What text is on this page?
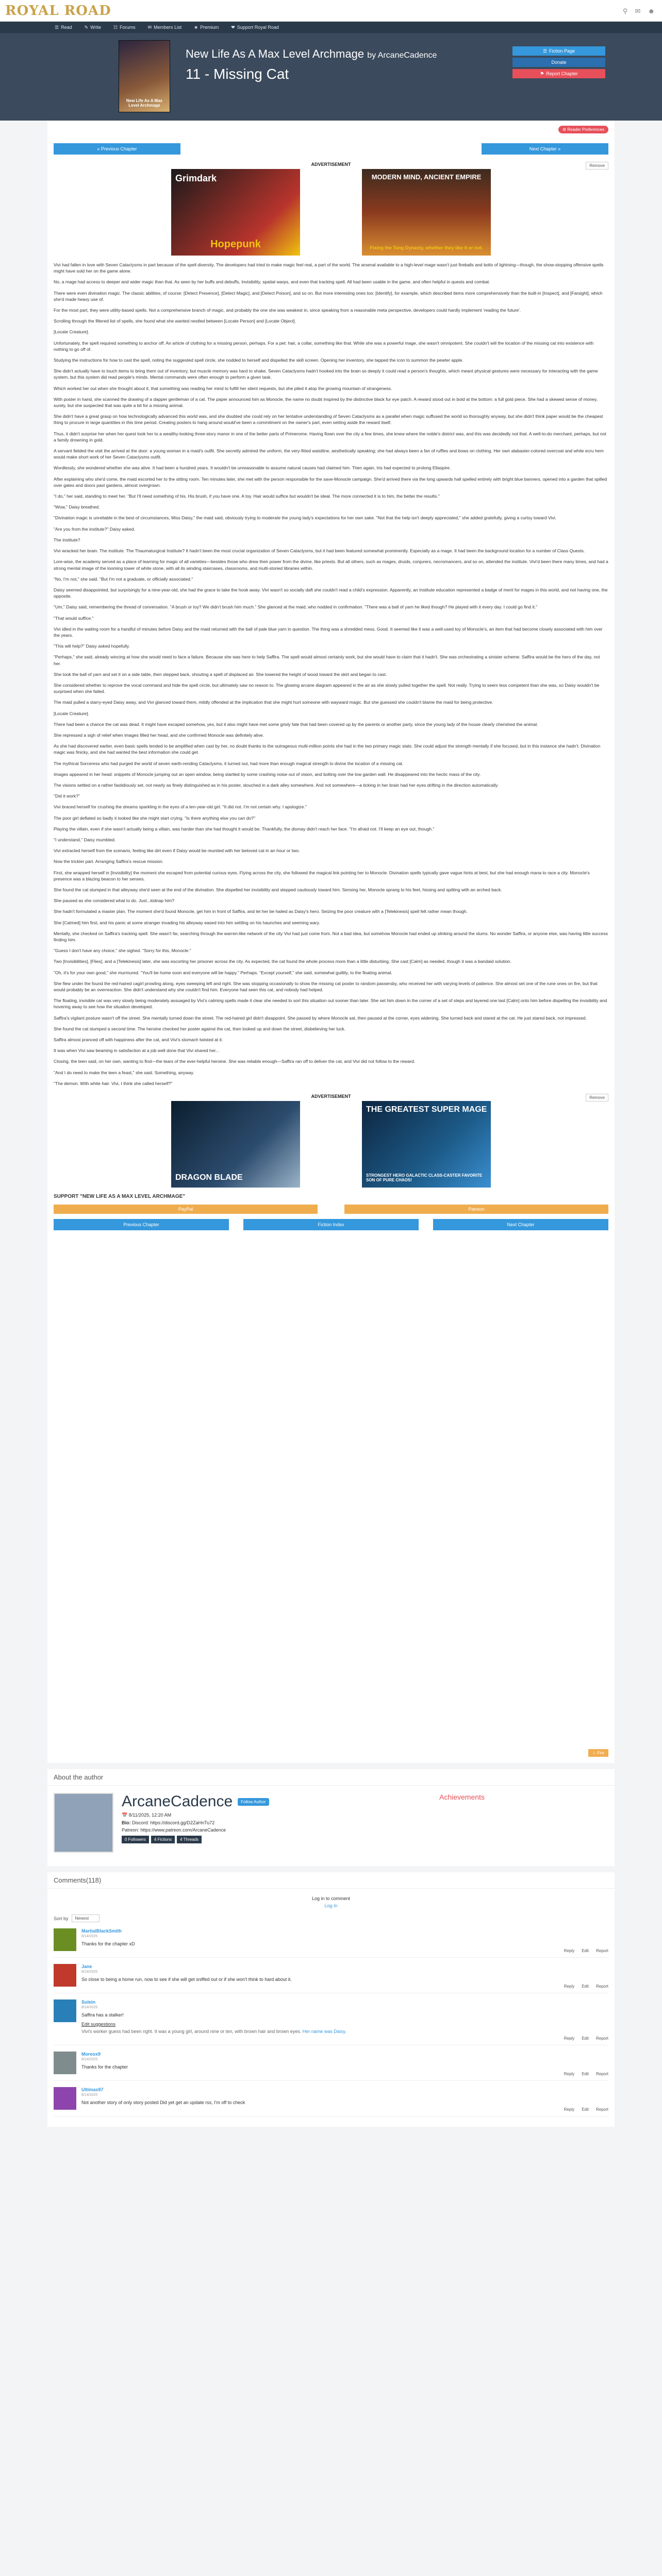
ROYAL ROAD	⚲ ✉ ☻
☰ Read	✎ Write	☷ Forums	✉ Members List	★ Premium	❤ Support Royal Road
New Life As A Max Level Archmage
New Life As A Max Level Archmage by ArcaneCadence
11 - Missing Cat
☰ Fiction Page
Donate
⚑ Report Chapter
⚙ Reader Preferences
« Previous Chapter	Next Chapter »
ADVERTISEMENT	Remove
Grimdark
Hopepunk
MODERN MIND, ANCIENT EMPIRE
Fixing the Tang Dynasty, whether they like it or not.

Vivi had fallen in love with Seven Cataclysms in part because of the spell diversity. The developers had tried to make magic feel real, a part of the world. The arsenal available to a high-level mage wasn't just fireballs and bolts of lightning—though, the show-stopping offensive spells might have sold her on the game alone.

No, a mage had access to deeper and wider magic than that. As seen by her buffs and debuffs, Invisibility, spatial warps, and even that tracking spell. All had been usable in the game, and often helpful in quests and combat.

There were even divination magic. The classic abilities, of course: [Detect Presence], [Detect Magic], and [Detect Poison], and so on. But more interesting ones too: [Identify], for example, which described items more comprehensively than the built-in [Inspect], and [Farsight], which she'd made heavy use of.

For the most part, they were utility-based spells. Not a comprehensive branch of magic, and probably the one she was weakest in, since speaking from a reasonable meta perspective, developers could hardly implement 'reading the future'.

Scrolling through the filtered list of spells, she found what she wanted nestled between [Locate Person] and [Locate Object].

[Locate Creature].

Unfortunately, the spell required something to anchor off. An article of clothing for a missing person, perhaps. For a pet: hair, a collar, something like that. While she was a powerful mage, she wasn't omnipotent. She couldn't will the location of the missing cat into existence with nothing to go off of.

Studying the instructions for how to cast the spell, noting the suggested spell circle, she nodded to herself and dispelled the skill screen. Opening her inventory, she tapped the icon to summon the pewter apple.

She didn't actually have to touch items to bring them out of inventory, but muscle memory was hard to shake. Seven Cataclysms hadn't hooked into the brain so deeply it could read a person's thoughts, which meant physical gestures were necessary for interacting with the game system, but this system did read people's minds. Mental commands were often enough to perform a given task.

Which worked her out when she thought about it, that something was reading her mind to fulfill her silent requests, but she piled it atop the growing mountain of strangeness.

With poster in hand, she scanned the drawing of a dapper gentleman of a cat. The paper announced him as Monocle, the name no doubt inspired by the distinctive black fur eye patch. A reward stood out in bold at the bottom: a full gold piece. She had a skewed sense of money, surely, but she suspected that was quite a bit for a missing animal.

She didn't have a great grasp on how technologically advanced this world was, and she doubted she could rely on her tentative understanding of Seven Cataclysms as a parallel when magic suffused the world so thoroughly anyway, but she didn't think paper would be the cheapest thing to procure in large quantities in this time period. Creating posters to hang around would've been a commitment on the owner's part, even setting aside the reward itself.

Thus, it didn't surprise her when her quest took her to a wealthy-looking three-story manor in one of the better parts of Primerome. Having flown over the city a few times, she knew where the noble's district was, and this was decidedly not that. A well-to-do merchant, perhaps, but not a family drowning in gold.

A servant fielded the visit the arrived at the door: a young woman in a maid's outfit. She secretly admired the uniform, the very-fitted waistline, aesthetically speaking; she had always been a fan of ruffles and bows on clothing. Her own alabaster-colored overcoat and white ecru hem would make short work of her Seven Cataclysms outfit.

Wordlessly, she wondered whether she was alive. It had been a hundred years. It wouldn't be unreasonable to assume natural causes had claimed him. Then again, Iris had expected to prolong Ellaspire.

After explaining who she'd come, the maid escorted her to the sitting room. Ten minutes later, she met with the person responsible for the save-Monocle campaign. She'd arrived there via the long upwards hall spelled entirely with bright blue banners, opened into a garden that spilled over gates and doors past gardens, almost overgrown.

"I do," her said, standing to meet her. "But I'll need something of his. His brush, if you have one. A toy. Hair would suffice but wouldn't be ideal. The more connected it is to him, the better the results."

"Wow," Daisy breathed.

"Divination magic is unreliable in the best of circumstances, Miss Daisy," the maid said, obviously trying to moderate the young lady's expectations for her own sake. "Not that the help isn't deeply appreciated," she added gratefully, giving a curtsy toward Vivi.

"Are you from the institute?" Daisy asked.

The institute?

Vivi wracked her brain. The institute. The Thaumaturgical Institute? It hadn't been the most crucial organization of Seven Cataclysms, but it had been featured somewhat prominently. Especially as a mage. It had been the background location for a number of Class Quests.

Lore-wise, the academy served as a place of learning for magic of all varieties—besides those who drew their power from the divine, like priests. But all others, such as mages, druids, conjurers, necromancers, and so on, attended the institute. Vivi'd been there many times, and had a strong mental image of the looming tower of white stone, with all its winding staircases, classrooms, and multi-storied libraries within.

"No, I'm not," she said. "But I'm not a graduate, or officially associated."

Daisy seemed disappointed, but surprisingly for a nine-year-old, she had the grace to take the hook away. Vivi wasn't so socially daft she couldn't read a child's expression. Apparently, an Institute education represented a badge of merit for mages in this world, and not having one, the opposite.

"Um," Daisy said, remembering the thread of conversation. "A brush or toy? We didn't brush him much." She glanced at the maid, who nodded in confirmation. "There was a ball of yarn he liked though? He played with it every day. I could go find it."

"That would suffice."

Vivi idled in the waiting room for a handful of minutes before Daisy and the maid returned with the ball of pale blue yarn in question. The thing was a shredded mess. Good. It seemed like it was a well-used toy of Monocle's, an item that had become closely associated with him over the years.

"This will help?" Daisy asked hopefully.

"Perhaps," she said, already wincing at how she would need to face a failure. Because she was here to help Saffira. The spell would almost certainly work, but she would have to claim that it hadn't. She was orchestrating a sinister scheme. Saffira would be the hero of the day, not her.

She took the ball of yarn and set it on a side table, then stepped back, shouting a spell of displaced air. She lowered the height of wood toward the skirt and began to cast.

She considered whether to reprove the vocal command and hide the spell circle, but ultimately saw no reason to. The glowing arcane diagram appeared in the air as she slowly pulled together the spell. Not really. Trying to seem less competent than she was, so Daisy wouldn't be surprised when she failed.

The maid pulled a starry-eyed Daisy away, and Vivi glanced toward them, mildly offended at the implication that she might hurt someone with wayward magic. But she guessed she couldn't blame the maid for being protective.

[Locate Creature].

There had been a chance the cat was dead. It might have escaped somehow, yes, but it also might have met some grisly fate that had been covered up by the parents or another party, since the young lady of the house clearly cherished the animal.

She repressed a sigh of relief when images filled her head, and she confirmed Monocle was definitely alive.

As she had discovered earlier, even basic spells tended to be amplified when cast by her, no doubt thanks to the outrageous multi-million points she had in the two primary magic stats. She could adjust the strength mentally if she focused, but in this instance she hadn't. Divination magic was finicky, and she had wanted the best information she could get.

The mythical Sorceress who had purged the world of seven earth-rending Cataclysms, it turned out, had more than enough magical strength to divine the location of a missing cat.

Images appeared in her head: snippets of Monocle jumping out an open window, being startled by some crashing noise out of vision, and bolting over the low garden wall. He disappeared into the hectic mass of the city.

The visions settled on a rather fastidiously set, not nearly as finely distinguished as in his poster, slouched in a dark alley somewhere. And not somewhere—a ticking in her brain had her eyes drifting in the direction automatically.

"Did it work?"

Vivi braced herself for crushing the dreams sparkling in the eyes of a ten-year-old girl. "It did not. I'm not certain why. I apologize."

The poor girl deflated so badly it looked like she might start crying. "Is there anything else you can do?"

Playing the villain, even if she wasn't actually being a villain, was harder than she had thought it would be. Thankfully, the dismay didn't reach her face. "I'm afraid not. I'll keep an eye out, though."

"I understand," Daisy mumbled.

Vivi extracted herself from the scenario, feeling like dirt even if Daisy would be reunited with her beloved cat in an hour or two.

Now the trickier part. Arranging Saffira's rescue mission.

First, she wrapped herself in [Invisibility] the moment she escaped from potential curious eyes. Flying across the city, she followed the magical link pointing her to Monocle. Divination spells typically gave vague hints at best, but she had enough mana to race a city. Monocle's presence was a blazing beacon to her senses.

She found the cat slumped in that alleyway she'd seen at the end of the divination. She dispelled her invisibility and stepped cautiously toward him. Sensing her, Monocle sprang to his feet, hissing and spitting with an arched back.

She paused as she considered what to do. Just...kidnap him?

She hadn't formulated a master plan. The moment she'd found Monocle, get him in front of Saffira, and let her be hailed as Daisy's hero. Seizing the poor creature with a [Telekinesis] spell felt rather mean though.

She [Calmed] him first, and his panic at some stranger invading his alleyway eased into him settling on his haunches and seeming wary.

Mentally, she checked on Saffira's tracking spell. She wasn't far, searching through the warren-like network of the city Vivi had just come from. Not a bad idea, but somehow Monocle had ended up slinking around the slums. No wonder Saffira, or anyone else, was having little success finding him.

"Guess I don't have any choice," she sighed. "Sorry for this, Monocle."

Two [Invisibilities], [Flies], and a [Telekinesis] later, she was escorting her prisoner across the city. As expected, the cat found the whole process more than a little disturbing. She cast [Calm] as needed, though it was a bandaid solution.

"Oh, it's for your own good," she murmured. "You'll be home soon and everyone will be happy." Perhaps. "Except yourself," she said, somewhat guiltily, to the floating animal.

She flew under the found the red-haired cagirl prowling along, eyes sweeping left and right. She was stopping occasionally to show the missing cat poster to random passersby, who received her with varying levels of patience. She almost set one of the rune ones on fire, but that would probably be an overreaction. She didn't understand why she couldn't find him. Everyone had seen this cat, and nobody had helped.

The floating, invisible cat was very slowly being moderately assuaged by Vivi's calming spells made it clear she needed to sort this situation out sooner than later. She set him down in the corner of a set of steps and layered one last [Calm] onto him before dispelling the invisibility and hovering away to see how the situation developed.

Saffira's vigilant posture wasn't off the street. She mentally turned down the street. The red-haired girl didn't disappoint. She passed by where Monocle sat, then paused at the corner, eyes widening. She turned back and stared at the cat. He just stared back, not impressed.

She found the cat slumped a second time. The heroine checked her poster against the cat, then looked up and down the street, disbelieving her luck.

Saffira almost pranced off with happiness after the cat, and Vivi's stomach twisted at it.

It was when Vivi saw beaming in satisfaction at a job well done that Vivi shared her...

Closing, the teen said, on her own, wanting to find—the tears of the ever-helpful heroine. She was reliable enough—Saffira ran off to deliver the cat, and Vivi did not follow to the reward.

"And I do need to make the teen a feast," she said. Something, anyway.

"The demon. With white hair. Vivi, I think she called herself?"

ADVERTISEMENT	Remove
DRAGON BLADE
THE GREATEST SUPER MAGE
STRONGEST HERO GALACTIC CLASS-CASTER FAVORITE SON OF PURE CHAOS!
SUPPORT "NEW LIFE AS A MAX LEVEL ARCHMAGE"
PayPal	Patreon
Previous Chapter	Fiction Index	Next Chapter
♨ Fire
About the author
ArcaneCadence	Follow Author
📅 8/11/2025, 12:20 AM
Bio: Discord: https://discord.gg/D2ZaHnTu72
Patreon: https://www.patreon.com/ArcaneCadence
0 Followers	4 Fictions	4 Threads
Achievements
Comments(118)
Log in to comment
Log In
Sort by	Newest
MartialBlackSmith
8/14/2025
Thanks for the chapter xD
Reply Edit Report
Jane
8/14/2025
So close to being a home run, now to see if she will get sniffed out or if she won't think to hard about it.
Reply Edit Report
Sulein
8/14/2025
Saffira has a stalker!
Edit suggestions
Vivi's worker guess had been right. It was a young girl, around nine or ten, with brown hair and brown eyes. Her name was Daisy.
Reply Edit Report
Moreox9
8/14/2025
Thanks for the chapter
Reply Edit Report
Ultimas97
8/14/2025
Not another story of only story posted Did yet get an update rss, I'm off to check
Reply Edit Report
